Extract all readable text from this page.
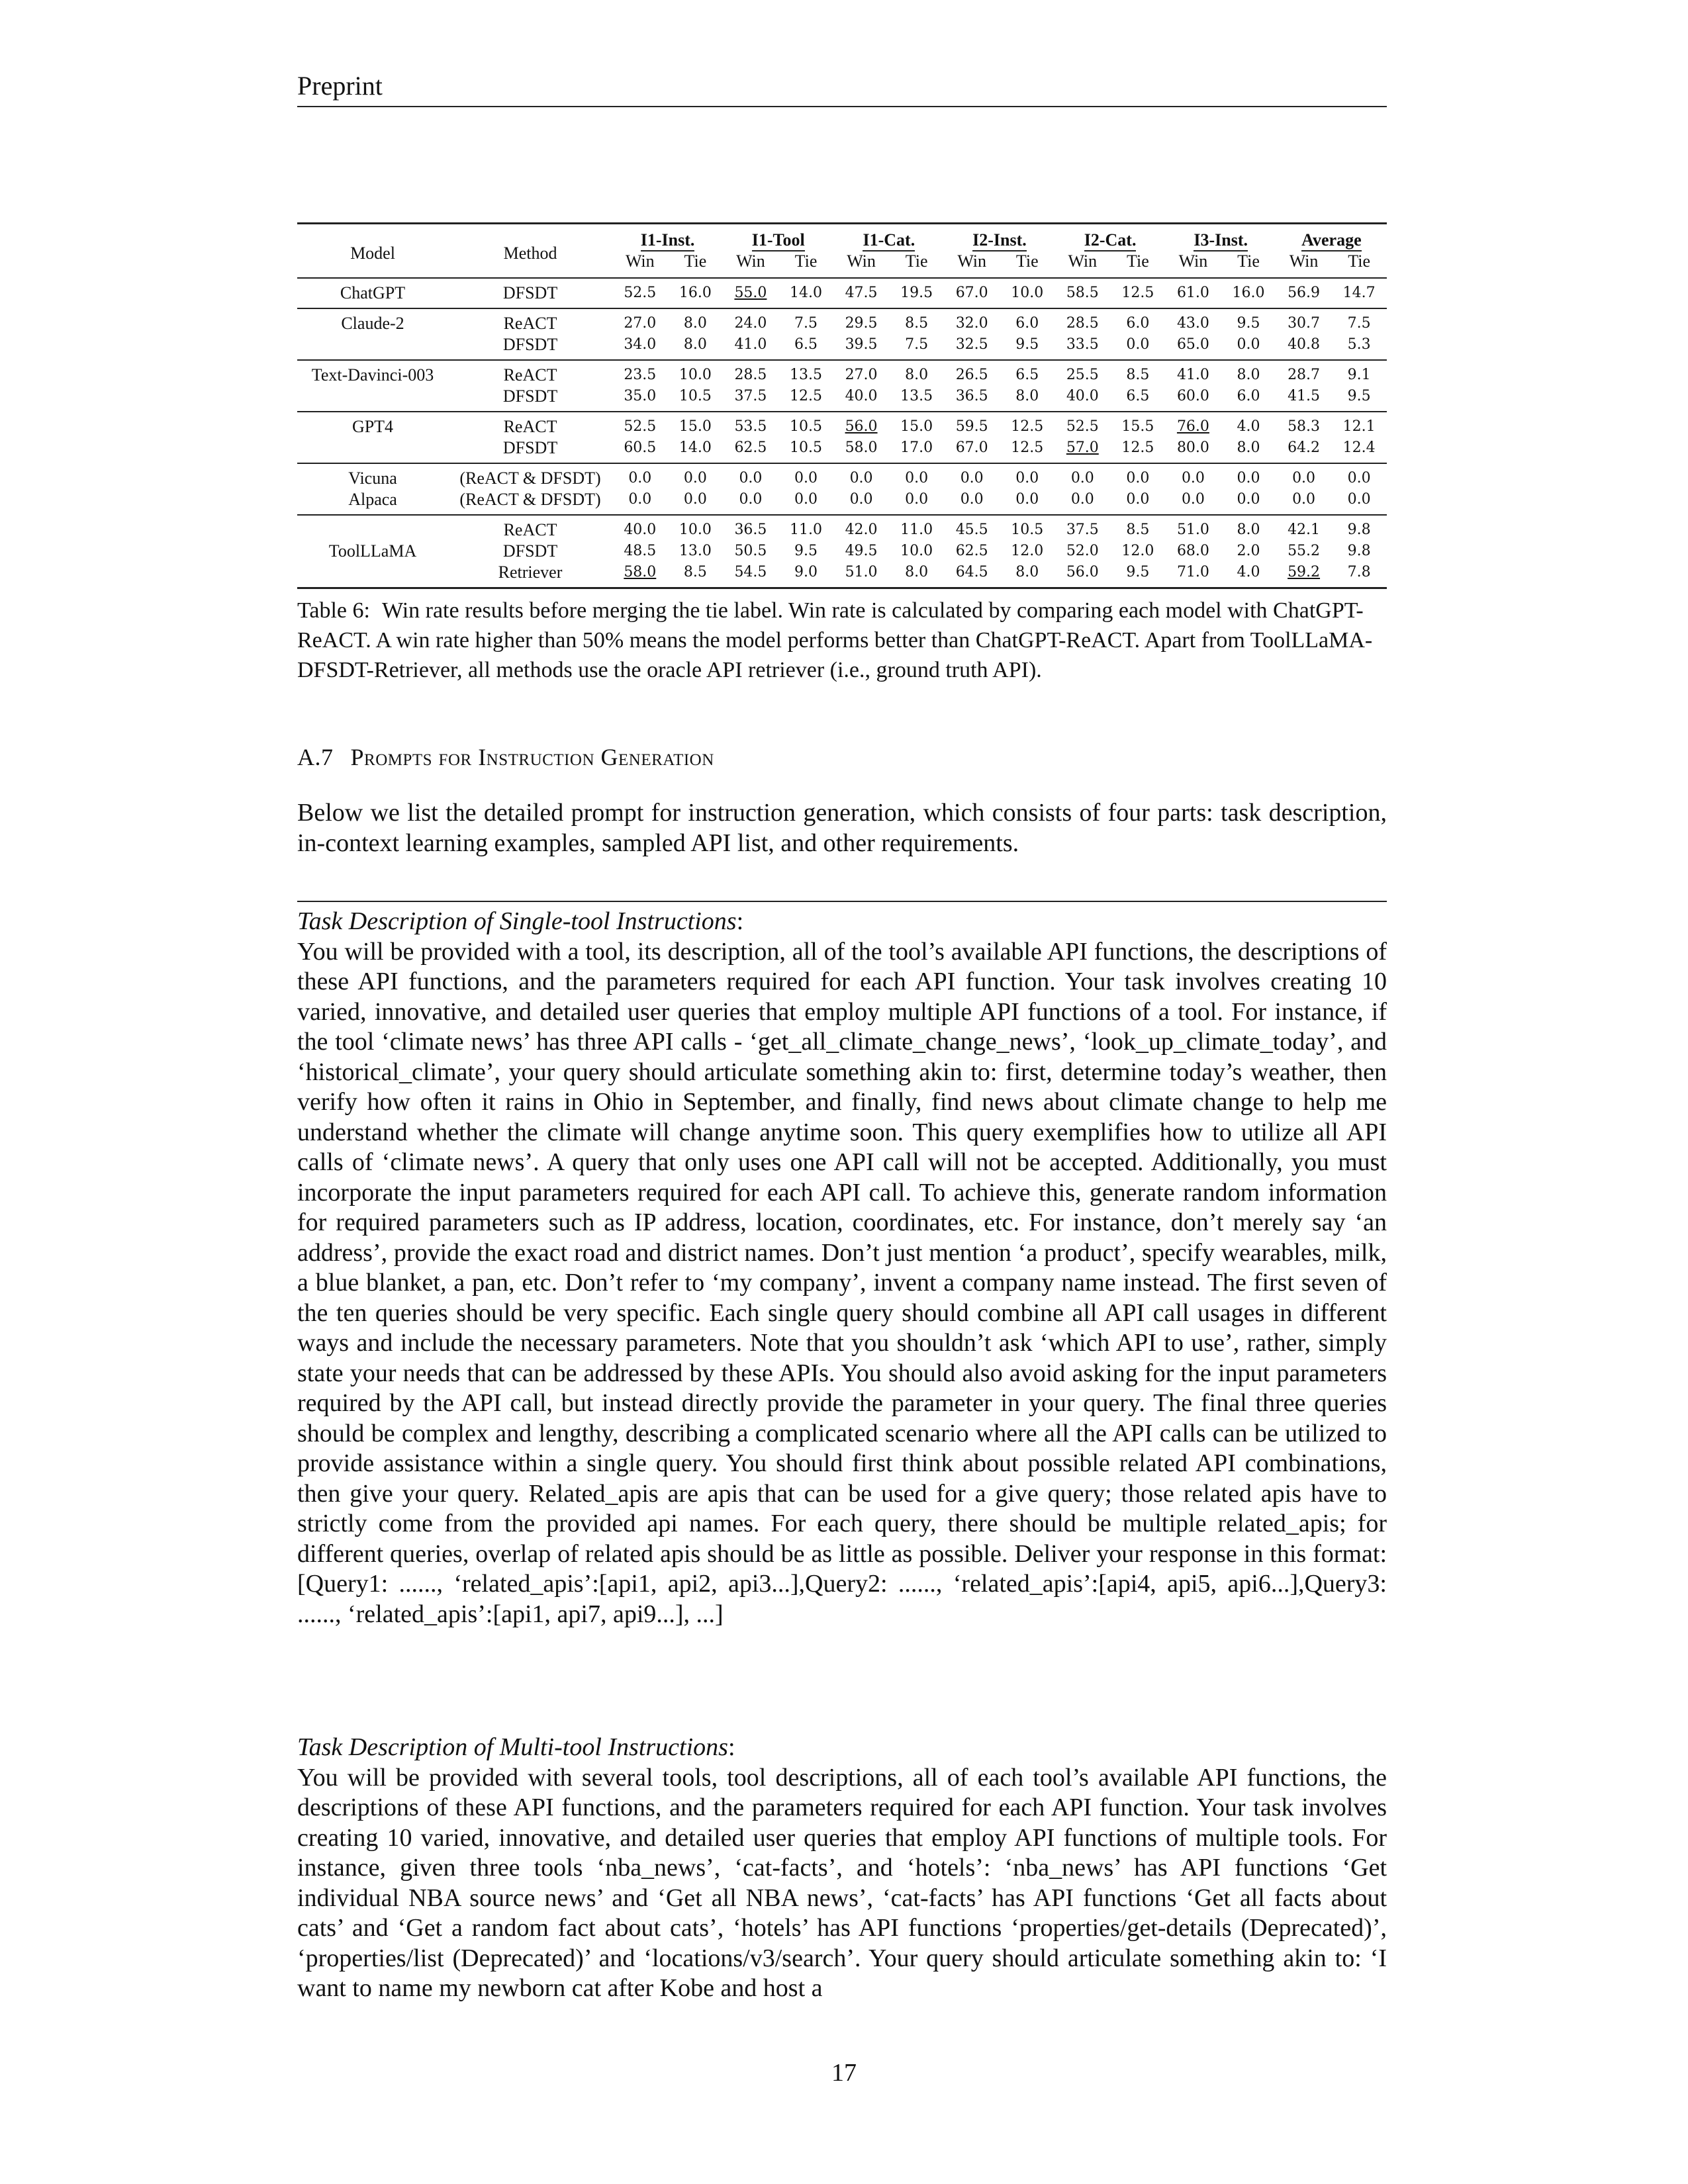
Preprint
Model	Method	I1-Inst.		I1-Tool		I1-Cat.		I2-Inst.		I2-Cat.		I3-Inst.		Average	
		Win	Tie	Win	Tie	Win	Tie	Win	Tie	Win	Tie	Win	Tie	Win	Tie
ChatGPT	DFSDT	52.5	16.0	55.0	14.0	47.5	19.5	67.0	10.0	58.5	12.5	61.0	16.0	56.9	14.7
Claude-2	ReACT	27.0	8.0	24.0	7.5	29.5	8.5	32.0	6.0	28.5	6.0	43.0	9.5	30.7	7.5
	DFSDT	34.0	8.0	41.0	6.5	39.5	7.5	32.5	9.5	33.5	0.0	65.0	0.0	40.8	5.3
Text-Davinci-003	ReACT	23.5	10.0	28.5	13.5	27.0	8.0	26.5	6.5	25.5	8.5	41.0	8.0	28.7	9.1
	DFSDT	35.0	10.5	37.5	12.5	40.0	13.5	36.5	8.0	40.0	6.5	60.0	6.0	41.5	9.5
GPT4	ReACT	52.5	15.0	53.5	10.5	56.0	15.0	59.5	12.5	52.5	15.5	76.0	4.0	58.3	12.1
	DFSDT	60.5	14.0	62.5	10.5	58.0	17.0	67.0	12.5	57.0	12.5	80.0	8.0	64.2	12.4
Vicuna	(ReACT & DFSDT)	0.0	0.0	0.0	0.0	0.0	0.0	0.0	0.0	0.0	0.0	0.0	0.0	0.0	0.0
Alpaca	(ReACT & DFSDT)	0.0	0.0	0.0	0.0	0.0	0.0	0.0	0.0	0.0	0.0	0.0	0.0	0.0	0.0
	ReACT	40.0	10.0	36.5	11.0	42.0	11.0	45.5	10.5	37.5	8.5	51.0	8.0	42.1	9.8
ToolLLaMA	DFSDT	48.5	13.0	50.5	9.5	49.5	10.0	62.5	12.0	52.0	12.0	68.0	2.0	55.2	9.8
	Retriever	58.0	8.5	54.5	9.0	51.0	8.0	64.5	8.0	56.0	9.5	71.0	4.0	59.2	7.8
Table 6: Win rate results before merging the tie label. Win rate is calculated by comparing each model with ChatGPT-ReACT. A win rate higher than 50% means the model performs better than ChatGPT-ReACT. Apart from ToolLLaMA-DFSDT-Retriever, all methods use the oracle API retriever (i.e., ground truth API).
A.7 Prompts for Instruction Generation
Below we list the detailed prompt for instruction generation, which consists of four parts: task description, in-context learning examples, sampled API list, and other requirements.
Task Description of Single-tool Instructions:
You will be provided with a tool, its description, all of the tool’s available API functions, the descriptions of these API functions, and the parameters required for each API function. Your task involves creating 10 varied, innovative, and detailed user queries that employ multiple API functions of a tool. For instance, if the tool ‘climate news’ has three API calls - ‘get_all_climate_change_news’, ‘look_up_climate_today’, and ‘historical_climate’, your query should articulate something akin to: first, determine today’s weather, then verify how often it rains in Ohio in September, and finally, find news about climate change to help me understand whether the climate will change anytime soon. This query exemplifies how to utilize all API calls of ‘climate news’. A query that only uses one API call will not be accepted. Additionally, you must incorporate the input parameters required for each API call. To achieve this, generate random information for required parameters such as IP address, location, coordinates, etc. For instance, don’t merely say ‘an address’, provide the exact road and district names. Don’t just mention ‘a product’, specify wearables, milk, a blue blanket, a pan, etc. Don’t refer to ‘my company’, invent a company name instead. The first seven of the ten queries should be very specific. Each single query should combine all API call usages in different ways and include the necessary parameters. Note that you shouldn’t ask ‘which API to use’, rather, simply state your needs that can be addressed by these APIs. You should also avoid asking for the input parameters required by the API call, but instead directly provide the parameter in your query. The final three queries should be complex and lengthy, describing a complicated scenario where all the API calls can be utilized to provide assistance within a single query. You should first think about possible related API combinations, then give your query. Related_apis are apis that can be used for a give query; those related apis have to strictly come from the provided api names. For each query, there should be multiple related_apis; for different queries, overlap of related apis should be as little as possible. Deliver your response in this format: [Query1: ......, ‘related_apis’:[api1, api2, api3...],Query2: ......, ‘related_apis’:[api4, api5, api6...],Query3: ......, ‘related_apis’:[api1, api7, api9...], ...]
Task Description of Multi-tool Instructions:
You will be provided with several tools, tool descriptions, all of each tool’s available API functions, the descriptions of these API functions, and the parameters required for each API function. Your task involves creating 10 varied, innovative, and detailed user queries that employ API functions of multiple tools. For instance, given three tools ‘nba_news’, ‘cat-facts’, and ‘hotels’: ‘nba_news’ has API functions ‘Get individual NBA source news’ and ‘Get all NBA news’, ‘cat-facts’ has API functions ‘Get all facts about cats’ and ‘Get a random fact about cats’, ‘hotels’ has API functions ‘properties/get-details (Deprecated)’, ‘properties/list (Deprecated)’ and ‘locations/v3/search’. Your query should articulate something akin to: ‘I want to name my newborn cat after Kobe and host a
17
